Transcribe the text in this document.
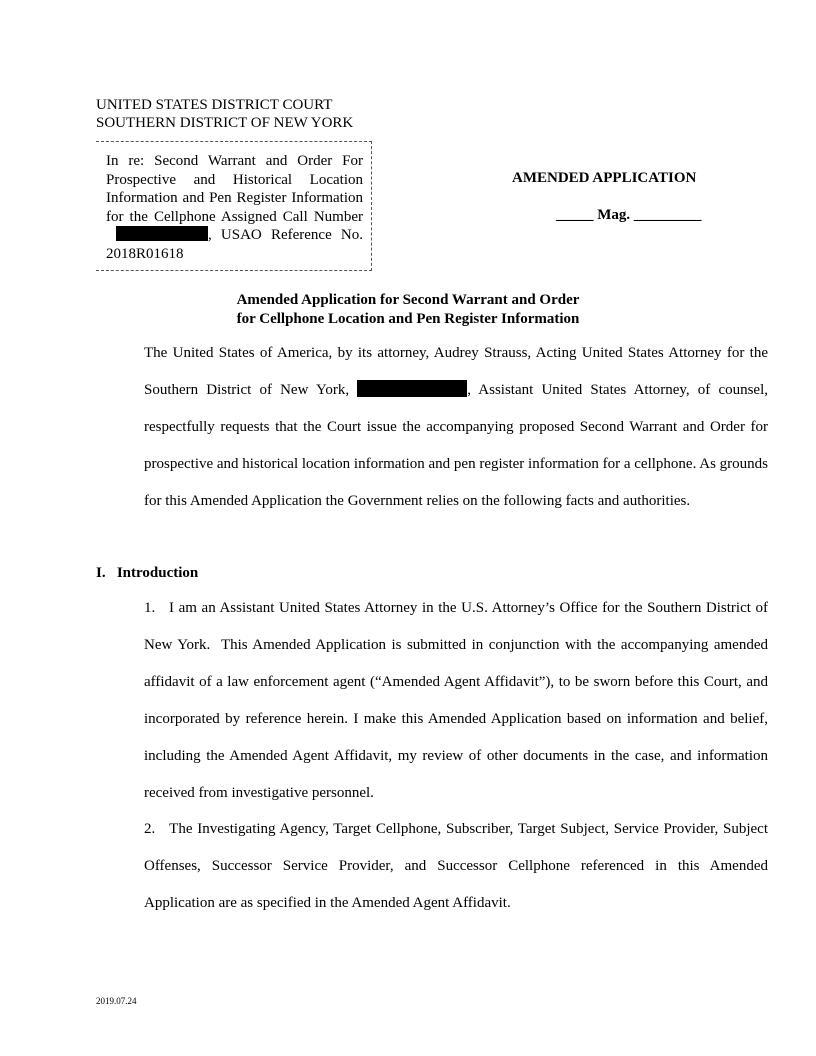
UNITED STATES DISTRICT COURT
SOUTHERN DISTRICT OF NEW YORK
In re: Second Warrant and Order For Prospective and Historical Location Information and Pen Register Information for the Cellphone Assigned Call Number, USAO Reference No. 2018R01618
AMENDED APPLICATION
_____ Mag. _________
Amended Application for Second Warrant and Order
for Cellphone Location and Pen Register Information

The United States of America, by its attorney, Audrey Strauss, Acting United States Attorney for the Southern District of New York,	, Assistant United States Attorney, of counsel, respectfully requests that the Court issue the accompanying proposed Second Warrant and Order for prospective and historical location information and pen register information for a cellphone. As grounds for this Amended Application the Government relies on the following facts and authorities.

I.   Introduction

1.   I am an Assistant United States Attorney in the U.S. Attorney’s Office for the Southern District of New York.  This Amended Application is submitted in conjunction with the accompanying amended affidavit of a law enforcement agent (“Amended Agent Affidavit”), to be sworn before this Court, and incorporated by reference herein. I make this Amended Application based on information and belief, including the Amended Agent Affidavit, my review of other documents in the case, and information received from investigative personnel.

2.   The Investigating Agency, Target Cellphone, Subscriber, Target Subject, Service Provider, Subject Offenses, Successor Service Provider, and Successor Cellphone referenced in this Amended Application are as specified in the Amended Agent Affidavit.

2019.07.24
